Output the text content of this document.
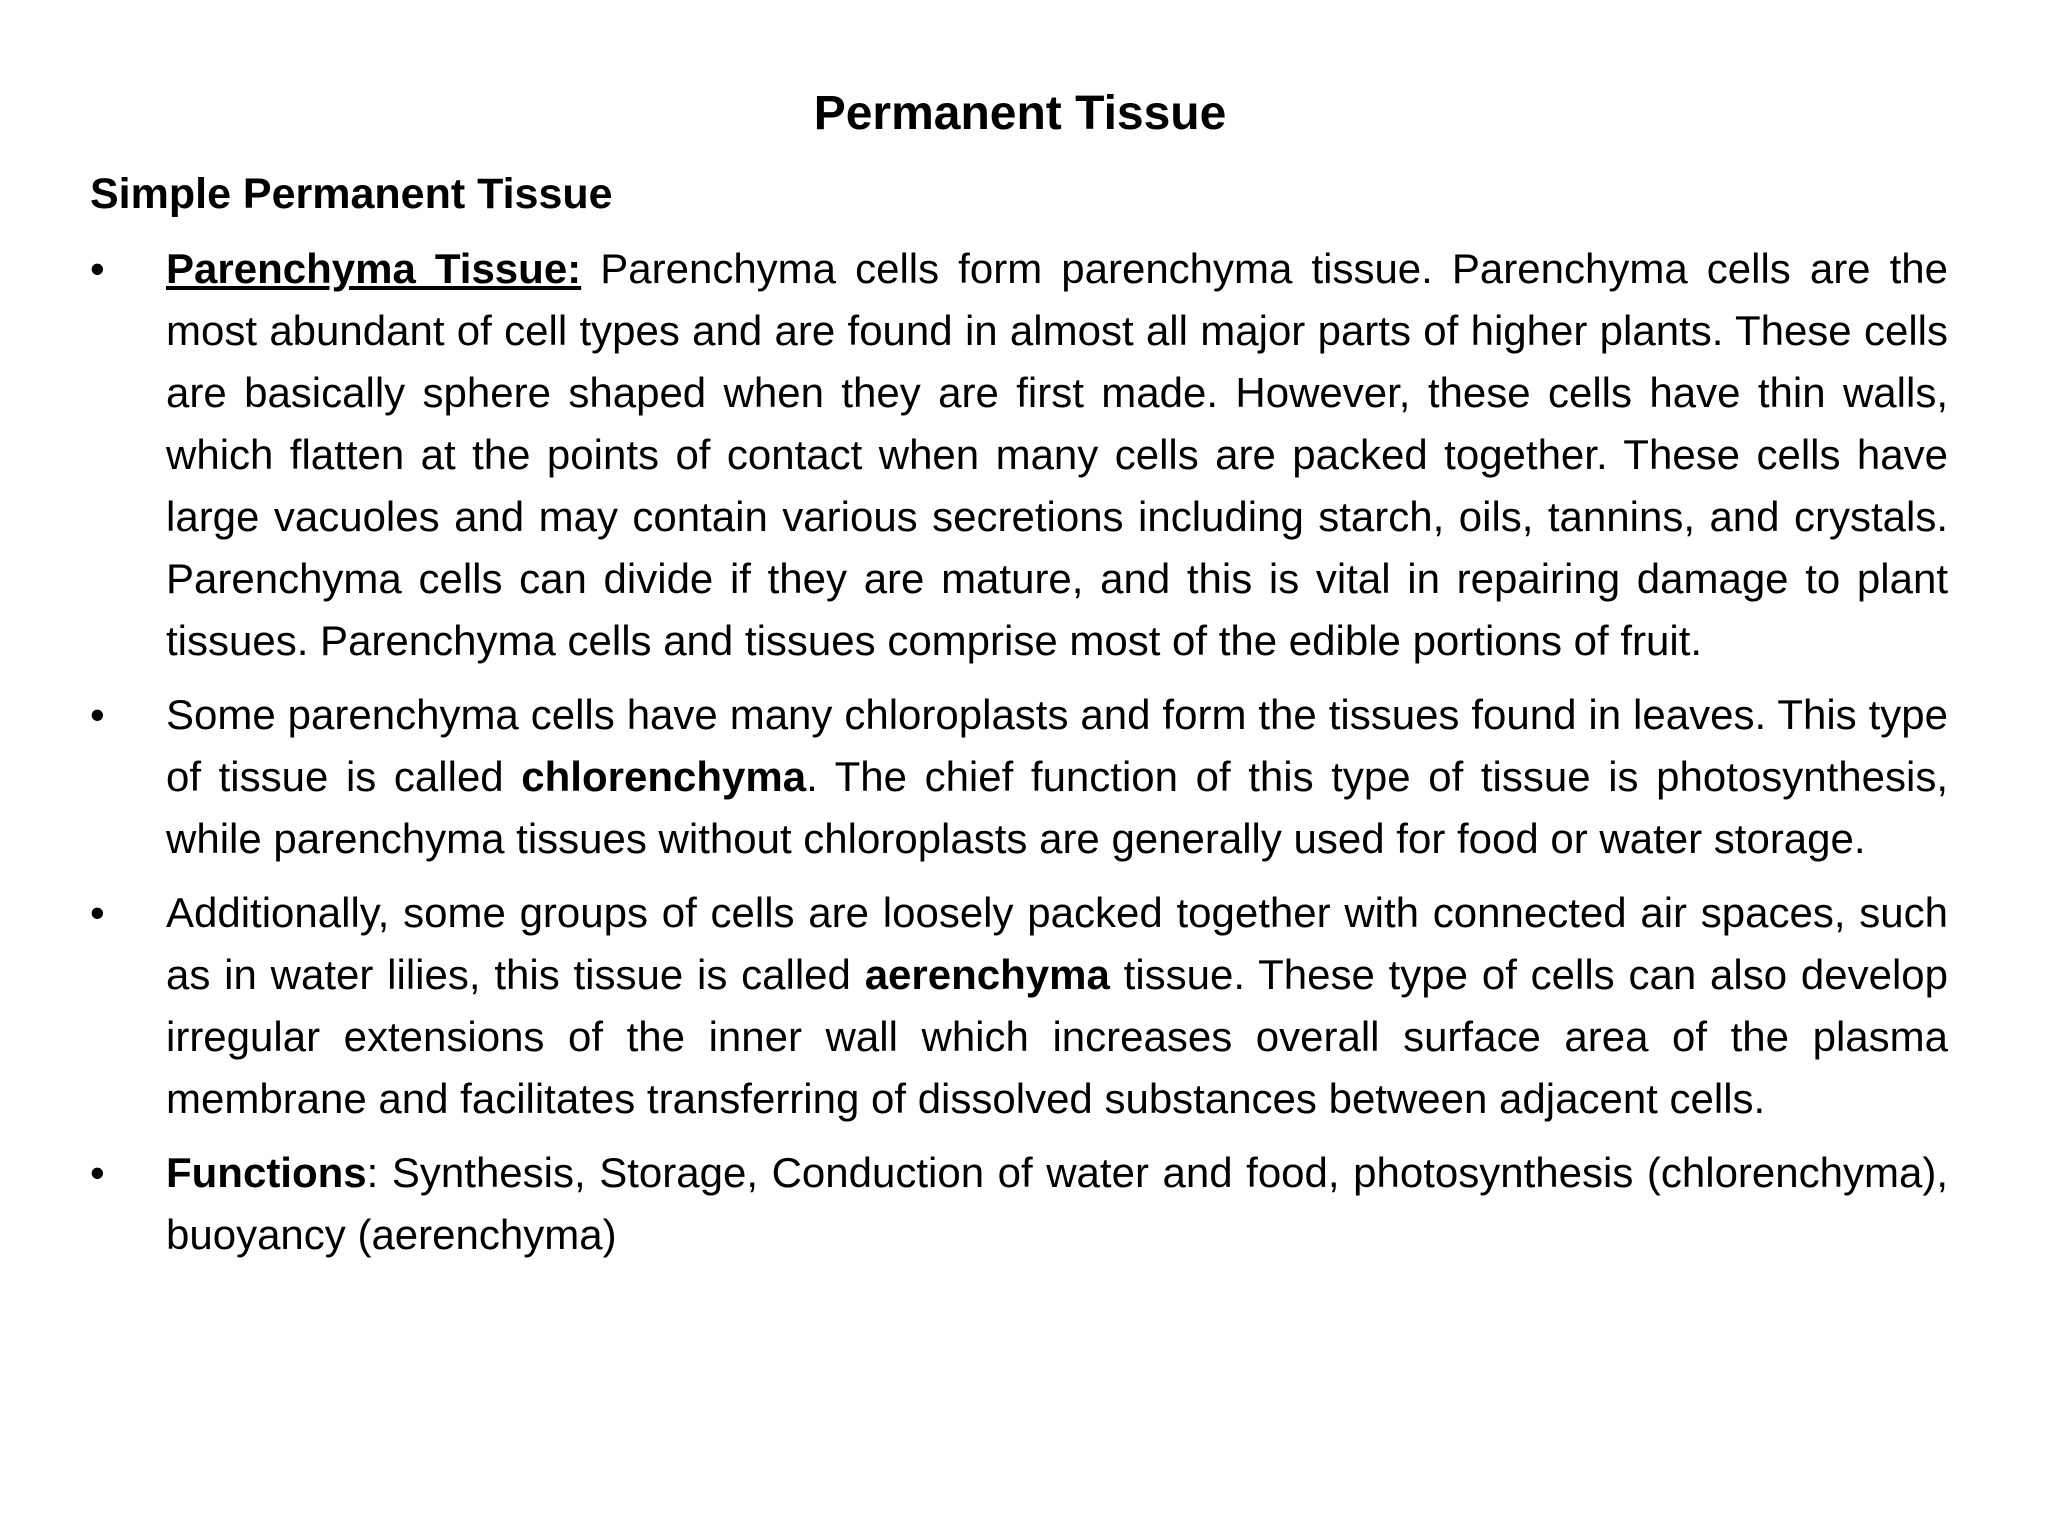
Permanent Tissue
Simple Permanent Tissue
•	Parenchyma Tissue: Parenchyma cells form parenchyma tissue. Parenchyma cells are the most abundant of cell types and are found in almost all major parts of higher plants. These cells are basically sphere shaped when they are first made. However, these cells have thin walls, which flatten at the points of contact when many cells are packed together. These cells have large vacuoles and may contain various secretions including starch, oils, tannins, and crystals. Parenchyma cells can divide if they are mature, and this is vital in repairing damage to plant tissues. Parenchyma cells and tissues comprise most of the edible portions of fruit.
•	Some parenchyma cells have many chloroplasts and form the tissues found in leaves. This type of tissue is called chlorenchyma. The chief function of this type of tissue is photosynthesis, while parenchyma tissues without chloroplasts are generally used for food or water storage.
•	Additionally, some groups of cells are loosely packed together with connected air spaces, such as in water lilies, this tissue is called aerenchyma tissue. These type of cells can also develop irregular extensions of the inner wall which increases overall surface area of the plasma membrane and facilitates transferring of dissolved substances between adjacent cells.
•	Functions: Synthesis, Storage, Conduction of water and food, photosynthesis (chlorenchyma), buoyancy (aerenchyma)
